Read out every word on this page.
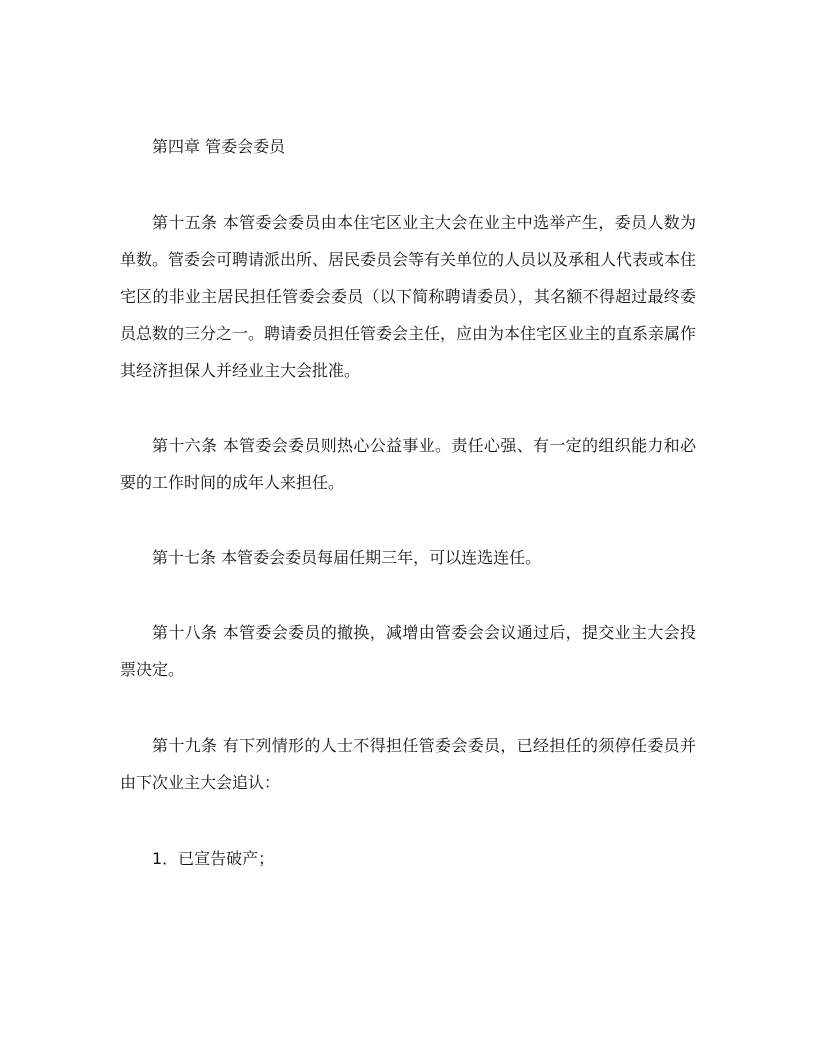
第四章 管委会委员

第十五条 本管委会委员由本住宅区业主大会在业主中选举产生，委员人数为单数。管委会可聘请派出所、居民委员会等有关单位的人员以及承租人代表或本住宅区的非业主居民担任管委会委员（以下简称聘请委员），其名额不得超过最终委员总数的三分之一。聘请委员担任管委会主任，应由为本住宅区业主的直系亲属作其经济担保人并经业主大会批准。

第十六条 本管委会委员则热心公益事业。责任心强、有一定的组织能力和必要的工作时间的成年人来担任。

第十七条 本管委会委员每届任期三年，可以连选连任。

第十八条 本管委会委员的撤换，减增由管委会会议通过后，提交业主大会投票决定。

第十九条 有下列情形的人士不得担任管委会委员，已经担任的须停任委员并由下次业主大会追认：

1．已宣告破产；
